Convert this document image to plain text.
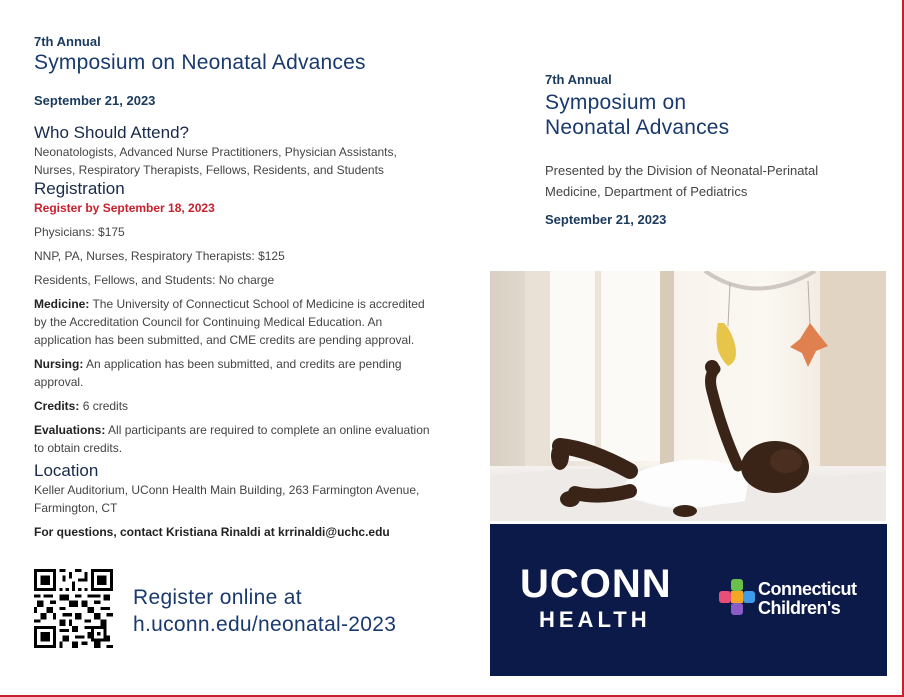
7th Annual
Symposium on Neonatal Advances
September 21, 2023
Who Should Attend?

Neonatologists, Advanced Nurse Practitioners, Physician Assistants, Nurses, Respiratory Therapists, Fellows, Residents, and Students

Registration
Register by September 18, 2023

Physicians: $175

NNP, PA, Nurses, Respiratory Therapists: $125

Residents, Fellows, and Students: No charge

Medicine: The University of Connecticut School of Medicine is accredited by the Accreditation Council for Continuing Medical Education. An application has been submitted, and CME credits are pending approval.

Nursing: An application has been submitted, and credits are pending approval.

Credits: 6 credits

Evaluations: All participants are required to complete an online evaluation to obtain credits.

Location

Keller Auditorium, UConn Health Main Building, 263 Farmington Avenue, Farmington, CT

For questions, contact Kristiana Rinaldi at krrinaldi@uchc.edu

Register online at
h.uconn.edu/neonatal-2023
7th Annual
Symposium on
Neonatal Advances
Presented by the Division of Neonatal-Perinatal
Medicine, Department of Pediatrics
September 21, 2023
UCONN
HEALTH
Connecticut
Children's
